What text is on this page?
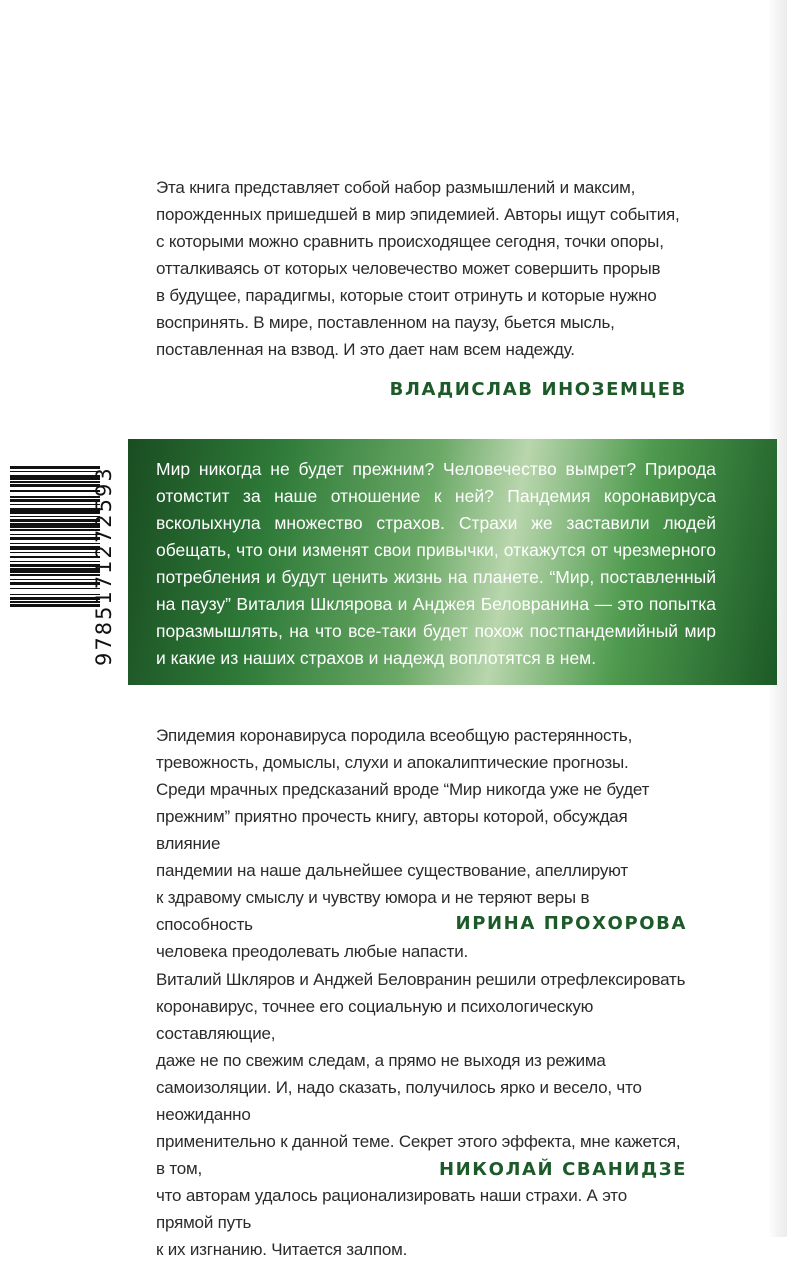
Эта книга представляет собой набор размышлений и максим,
порожденных пришедшей в мир эпидемией. Авторы ищут события,
с которыми можно сравнить происходящее сегодня, точки опоры,
отталкиваясь от которых человечество может совершить прорыв
в будущее, парадигмы, которые стоит отринуть и которые нужно
воспринять. В мире, поставленном на паузу, бьется мысль,
поставленная на взвод. И это дает нам всем надежду.
ВЛАДИСЛАВ ИНОЗЕМЦЕВ
Мир никогда не будет прежним? Человечество вымрет? Природа отомстит за наше отношение к ней? Пандемия коронавируса всколыхнула множество страхов. Страхи же заставили людей обещать, что они изменят свои привычки, откажутся от чрезмерного потребления и будут ценить жизнь на планете. “Мир, поставленный на паузу” Виталия Шклярова и Анджея Беловранина — это попытка поразмышлять, на что все-таки будет похож постпандемийный мир и какие из наших страхов и надежд воплотятся в нем.
9785171272593
Эпидемия коронавируса породила всеобщую растерянность,
тревожность, домыслы, слухи и апокалиптические прогнозы.
Среди мрачных предсказаний вроде “Мир никогда уже не будет
прежним” приятно прочесть книгу, авторы которой, обсуждая влияние
пандемии на наше дальнейшее существование, апеллируют
к здравому смыслу и чувству юмора и не теряют веры в способность
человека преодолевать любые напасти.
ИРИНА ПРОХОРОВА
Виталий Шкляров и Анджей Беловранин решили отрефлексировать
коронавирус, точнее его социальную и психологическую составляющие,
даже не по свежим следам, а прямо не выходя из режима
самоизоляции. И, надо сказать, получилось ярко и весело, что неожиданно
применительно к данной теме. Секрет этого эффекта, мне кажется, в том,
что авторам удалось рационализировать наши страхи. А это прямой путь
к их изгнанию. Читается залпом.
НИКОЛАЙ СВАНИДЗЕ
